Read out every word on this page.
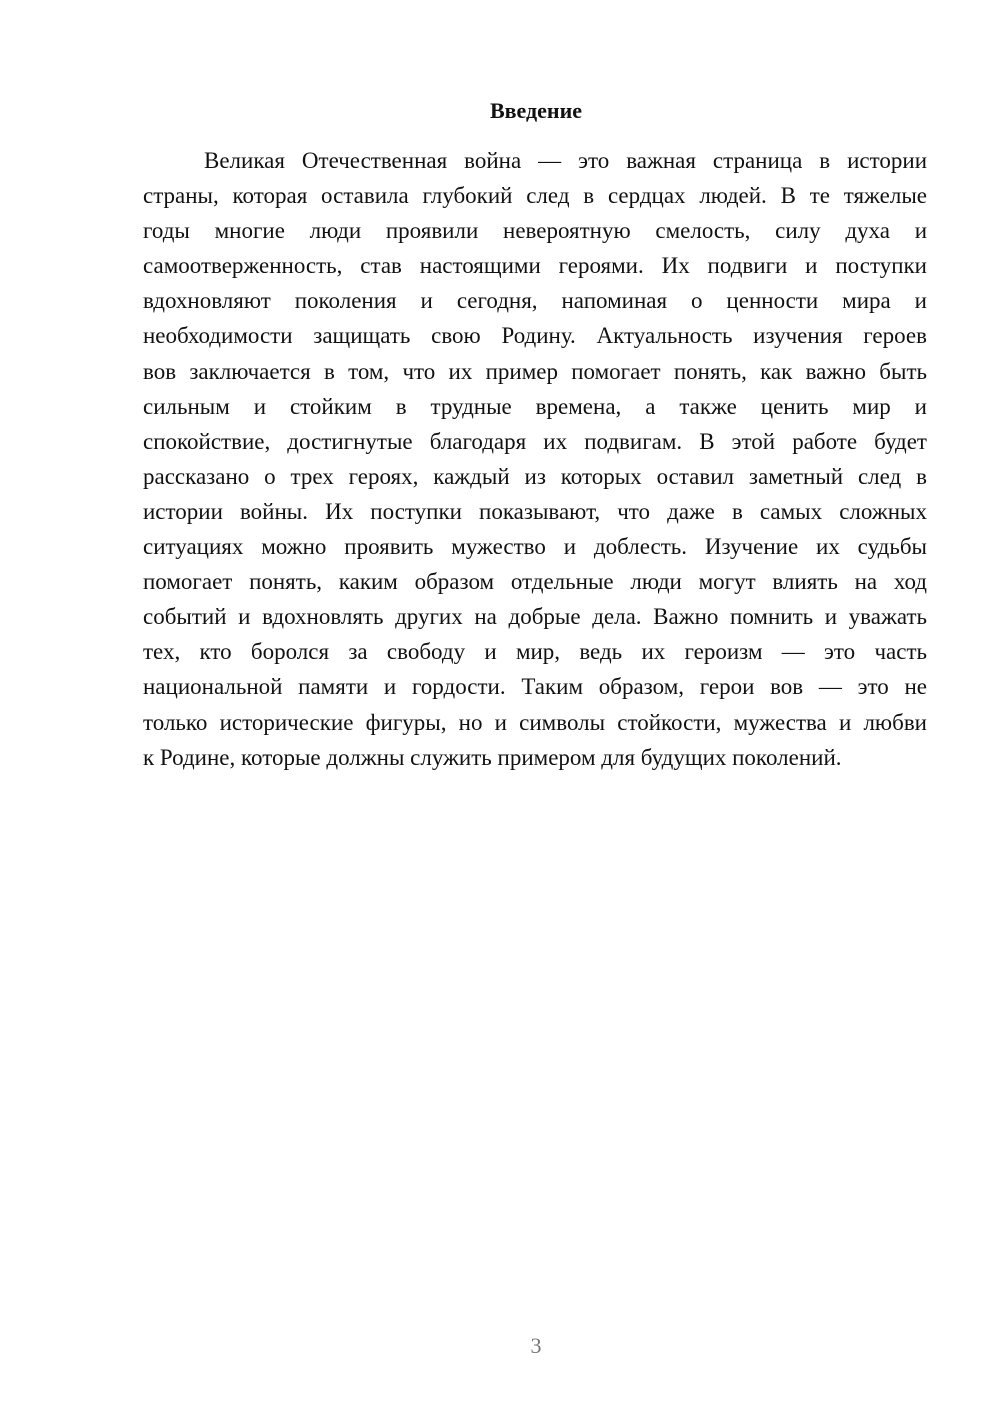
Введение
Великая Отечественная война — это важная страница в истории
страны, которая оставила глубокий след в сердцах людей. В те тяжелые
годы многие люди проявили невероятную смелость, силу духа и
самоотверженность, став настоящими героями. Их подвиги и поступки
вдохновляют поколения и сегодня, напоминая о ценности мира и
необходимости защищать свою Родину. Актуальность изучения героев
вов заключается в том, что их пример помогает понять, как важно быть
сильным и стойким в трудные времена, а также ценить мир и
спокойствие, достигнутые благодаря их подвигам. В этой работе будет
рассказано о трех героях, каждый из которых оставил заметный след в
истории войны. Их поступки показывают, что даже в самых сложных
ситуациях можно проявить мужество и доблесть. Изучение их судьбы
помогает понять, каким образом отдельные люди могут влиять на ход
событий и вдохновлять других на добрые дела. Важно помнить и уважать
тех, кто боролся за свободу и мир, ведь их героизм — это часть
национальной памяти и гордости. Таким образом, герои вов — это не
только исторические фигуры, но и символы стойкости, мужества и любви
к Родине, которые должны служить примером для будущих поколений.
3
